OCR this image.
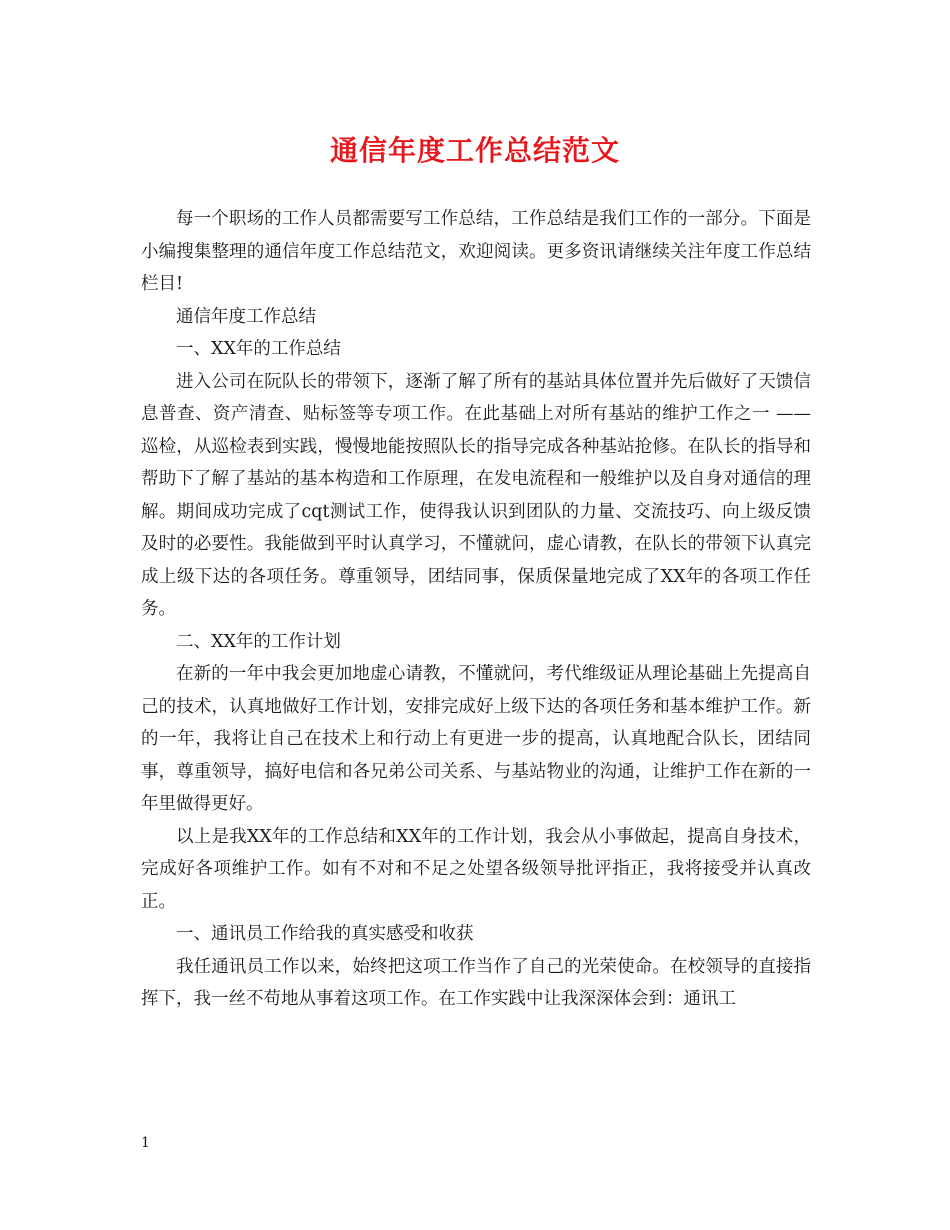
通信年度工作总结范文

每一个职场的工作人员都需要写工作总结，工作总结是我们工作的一部分。下面是小编搜集整理的通信年度工作总结范文，欢迎阅读。更多资讯请继续关注年度工作总结栏目!

通信年度工作总结

一、XX年的工作总结

进入公司在阮队长的带领下，逐渐了解了所有的基站具体位置并先后做好了天馈信息普查、资产清查、贴标签等专项工作。在此基础上对所有基站的维护工作之一 ——巡检，从巡检表到实践，慢慢地能按照队长的指导完成各种基站抢修。在队长的指导和帮助下了解了基站的基本构造和工作原理，在发电流程和一般维护以及自身对通信的理解。期间成功完成了cqt测试工作，使得我认识到团队的力量、交流技巧、向上级反馈及时的必要性。我能做到平时认真学习，不懂就问，虚心请教，在队长的带领下认真完成上级下达的各项任务。尊重领导，团结同事，保质保量地完成了XX年的各项工作任务。

二、XX年的工作计划

在新的一年中我会更加地虚心请教，不懂就问，考代维级证从理论基础上先提高自己的技术，认真地做好工作计划，安排完成好上级下达的各项任务和基本维护工作。新的一年，我将让自己在技术上和行动上有更进一步的提高，认真地配合队长，团结同事，尊重领导，搞好电信和各兄弟公司关系、与基站物业的沟通，让维护工作在新的一年里做得更好。

以上是我XX年的工作总结和XX年的工作计划，我会从小事做起，提高自身技术，完成好各项维护工作。如有不对和不足之处望各级领导批评指正，我将接受并认真改正。

一、通讯员工作给我的真实感受和收获

我任通讯员工作以来，始终把这项工作当作了自己的光荣使命。在校领导的直接指挥下，我一丝不苟地从事着这项工作。在工作实践中让我深深体会到：通讯工

1
